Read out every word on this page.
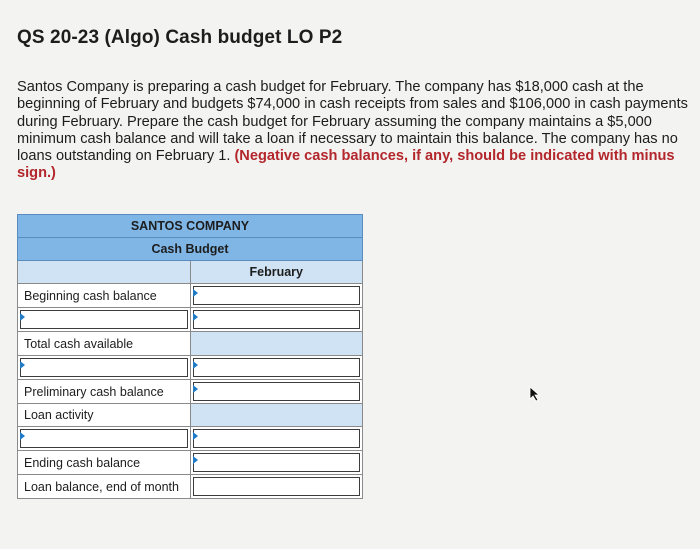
QS 20-23 (Algo) Cash budget LO P2
Santos Company is preparing a cash budget for February. The company has $18,000 cash at the beginning of February and budgets $74,000 in cash receipts from sales and $106,000 in cash payments during February. Prepare the cash budget for February assuming the company maintains a $5,000 minimum cash balance and will take a loan if necessary to maintain this balance. The company has no loans outstanding on February 1. (Negative cash balances, if any, should be indicated with minus sign.)
SANTOS COMPANY	
Cash Budget	
	February
Beginning cash balance	

Total cash available	

Preliminary cash balance	

Loan activity	

Ending cash balance	

Loan balance, end of month	
